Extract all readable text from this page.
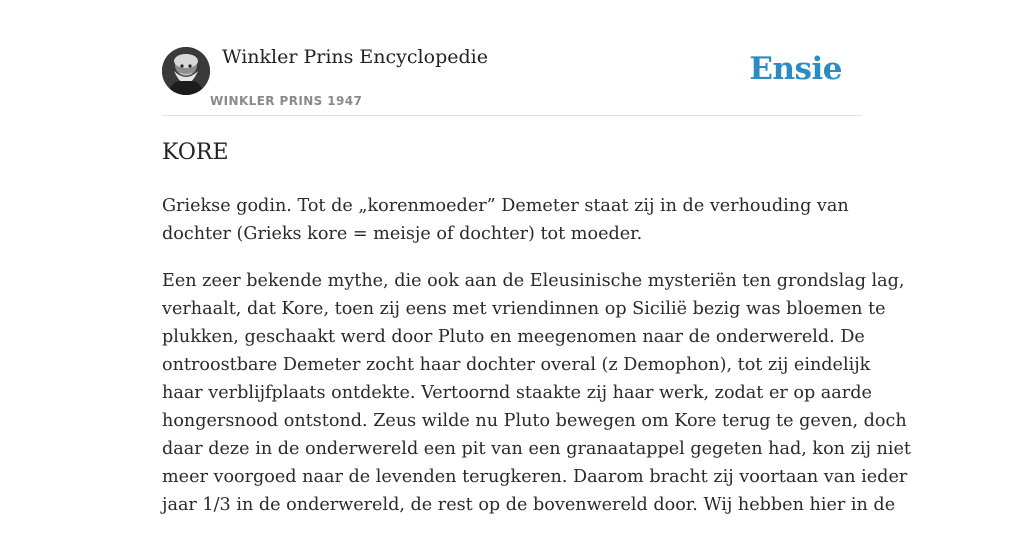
Winkler Prins Encyclopedie
WINKLER PRINS 1947
Ensie
KORE

Griekse godin. Tot de „korenmoeder” Demeter staat zij in de verhouding van
dochter (Grieks kore = meisje of dochter) tot moeder.

Een zeer bekende mythe, die ook aan de Eleusinische mysteriën ten grondslag lag,
verhaalt, dat Kore, toen zij eens met vriendinnen op Sicilië bezig was bloemen te
plukken, geschaakt werd door Pluto en meegenomen naar de onderwereld. De
ontroostbare Demeter zocht haar dochter overal (z Demophon), tot zij eindelijk
haar verblijfplaats ontdekte. Vertoornd staakte zij haar werk, zodat er op aarde
hongersnood ontstond. Zeus wilde nu Pluto bewegen om Kore terug te geven, doch
daar deze in de onderwereld een pit van een granaatappel gegeten had, kon zij niet
meer voorgoed naar de levenden terugkeren. Daarom bracht zij voortaan van ieder
jaar 1/3 in de onderwereld, de rest op de bovenwereld door. Wij hebben hier in de
